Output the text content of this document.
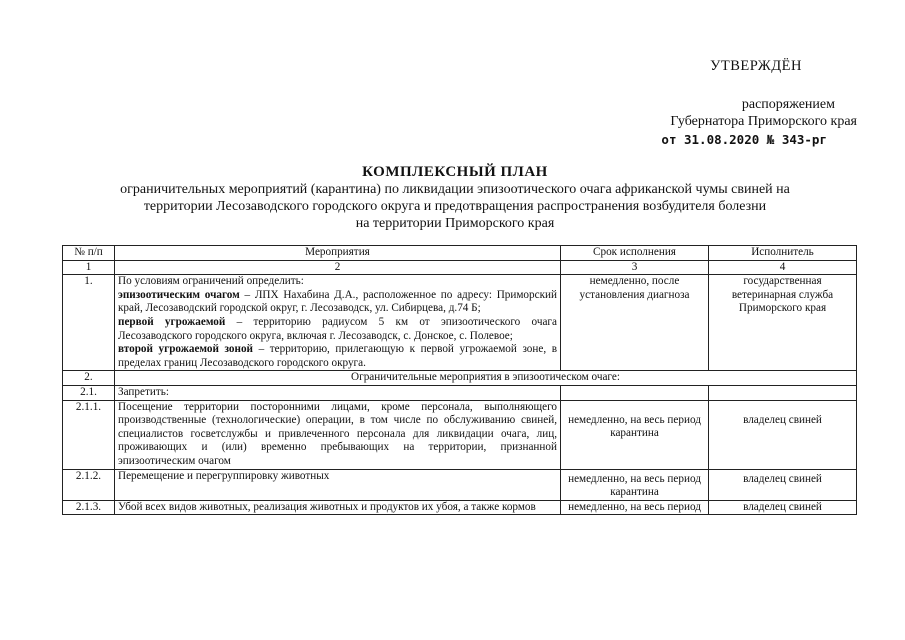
УТВЕРЖДЁН
распоряжением
Губернатора Приморского края
от 31.08.2020 № 343-рг
КОМПЛЕКСНЫЙ ПЛАН
ограничительных мероприятий (карантина) по ликвидации эпизоотического очага африканской чумы свиней на
территории Лесозаводского городского округа и предотвращения распространения возбудителя болезни
на территории Приморского края
№ п/п	Мероприятия	Срок исполнения	Исполнитель
1	2	3	4
1.	По условиям ограничений определить:
эпизоотическим очагом – ЛПХ Нахабина Д.А., расположенное по адресу: Приморский край, Лесозаводский городской округ, г. Лесозаводск, ул. Сибирцева, д.74 Б;
первой угрожаемой – территорию радиусом 5 км от эпизоотического очага Лесозаводского городского округа, включая г. Лесозаводск, с. Донское, с. Полевое;
второй угрожаемой зоной – территорию, прилегающую к первой угрожаемой зоне, в пределах границ Лесозаводского городского округа.	немедленно, после установления диагноза	государственная ветеринарная служба Приморского края
2.	Ограничительные мероприятия в эпизоотическом очаге:		
2.1.	Запретить:		
2.1.1.	Посещение территории посторонними лицами, кроме персонала, выполняющего производственные (технологические) операции, в том числе по обслуживанию свиней, специалистов госветслужбы и привлеченного персонала для ликвидации очага, лиц, проживающих и (или) временно пребывающих на территории, признанной эпизоотическим очагом	немедленно, на весь период карантина	владелец свиней
2.1.2.	Перемещение и перегруппировку животных	немедленно, на весь период карантина	владелец свиней
2.1.3.	Убой всех видов животных, реализация животных и продуктов их убоя, а также кормов	немедленно, на весь период	владелец свиней
